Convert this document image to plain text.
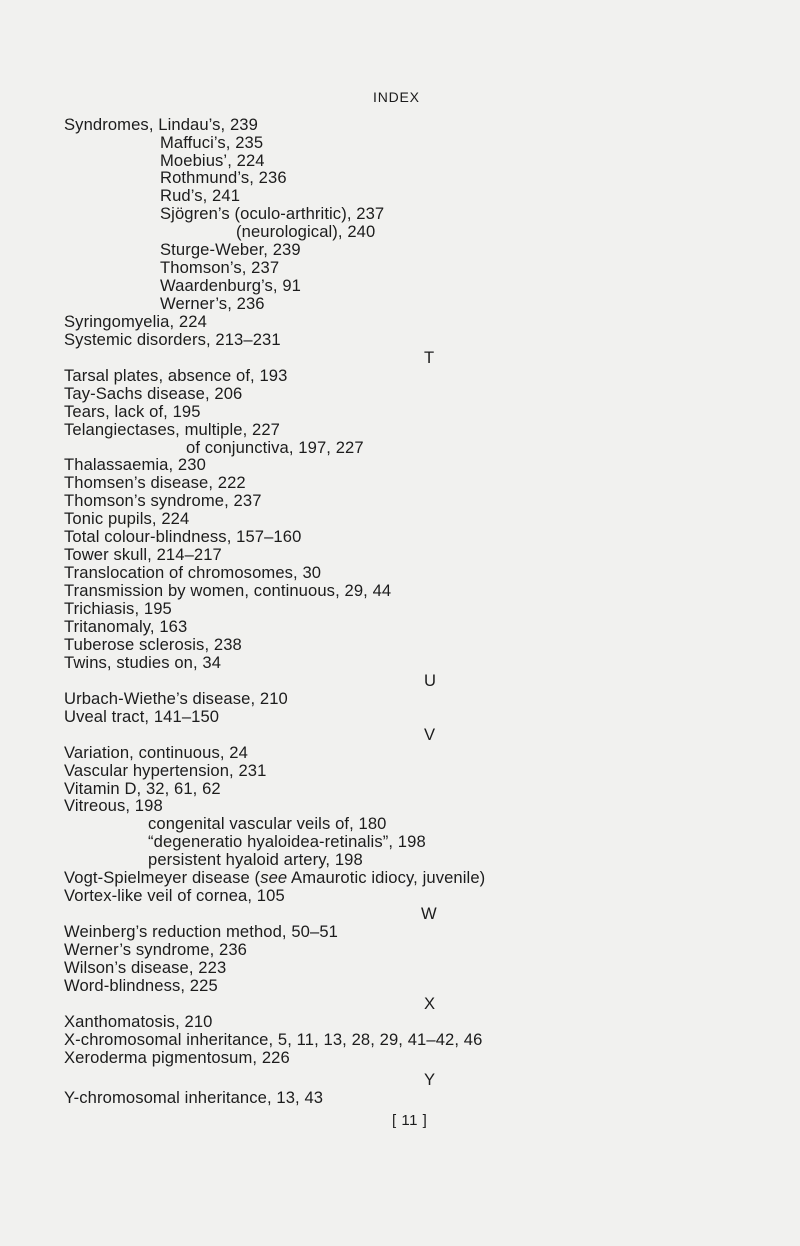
INDEX
Syndromes, Lindau’s, 239
Maffuci’s, 235
Moebius’, 224
Rothmund’s, 236
Rud’s, 241
Sjögren’s (oculo-arthritic), 237
(neurological), 240
Sturge-Weber, 239
Thomson’s, 237
Waardenburg’s, 91
Werner’s, 236
Syringomyelia, 224
Systemic disorders, 213–231
T
Tarsal plates, absence of, 193
Tay-Sachs disease, 206
Tears, lack of, 195
Telangiectases, multiple, 227
of conjunctiva, 197, 227
Thalassaemia, 230
Thomsen’s disease, 222
Thomson’s syndrome, 237
Tonic pupils, 224
Total colour-blindness, 157–160
Tower skull, 214–217
Translocation of chromosomes, 30
Transmission by women, continuous, 29, 44
Trichiasis, 195
Tritanomaly, 163
Tuberose sclerosis, 238
Twins, studies on, 34
U
Urbach-Wiethe’s disease, 210
Uveal tract, 141–150
V
Variation, continuous, 24
Vascular hypertension, 231
Vitamin D, 32, 61, 62
Vitreous, 198
congenital vascular veils of, 180
“degeneratio hyaloidea-retinalis”, 198
persistent hyaloid artery, 198
Vogt-Spielmeyer disease (see Amaurotic idiocy, juvenile)
Vortex-like veil of cornea, 105
W
Weinberg’s reduction method, 50–51
Werner’s syndrome, 236
Wilson’s disease, 223
Word-blindness, 225
X
Xanthomatosis, 210
X-chromosomal inheritance, 5, 11, 13, 28, 29, 41–42, 46
Xeroderma pigmentosum, 226
Y
Y-chromosomal inheritance, 13, 43
[ 11 ]
